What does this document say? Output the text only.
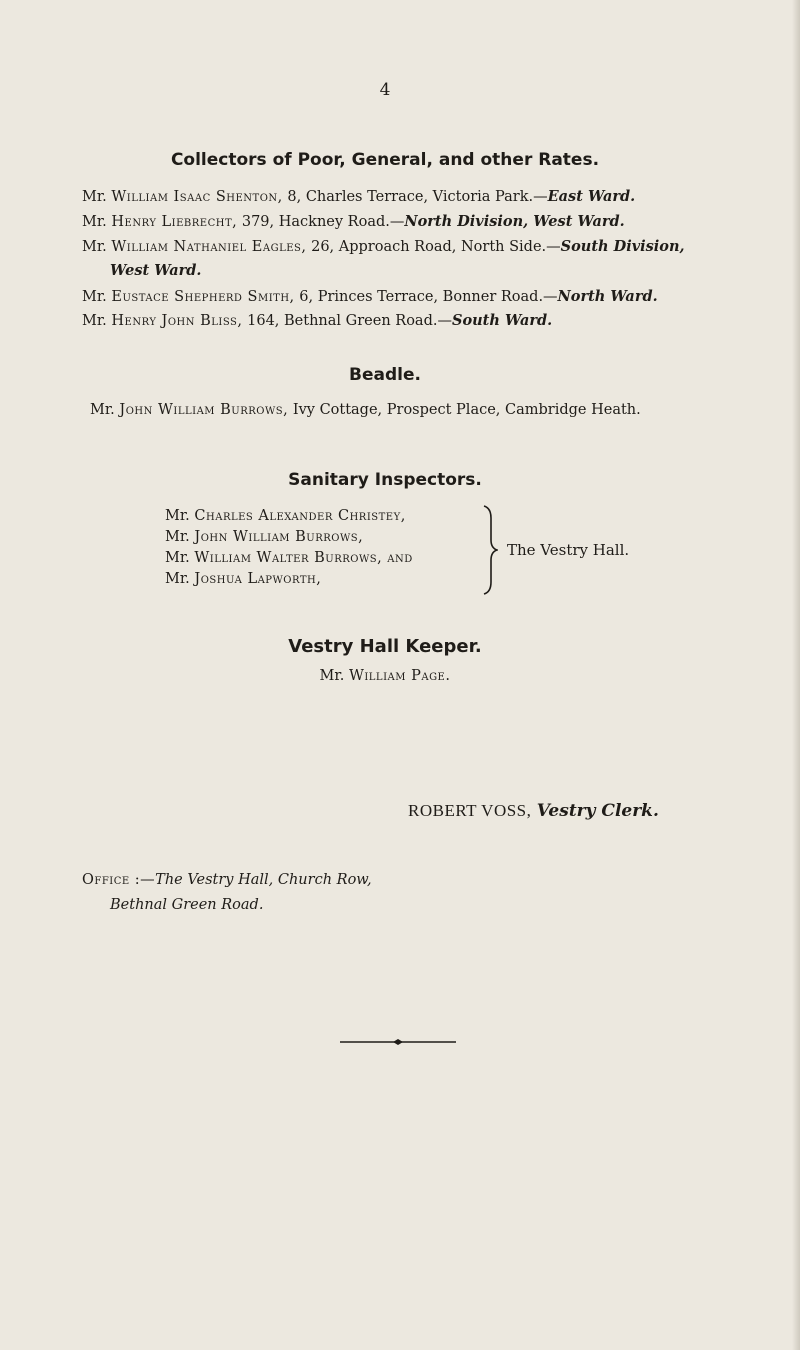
4
Collectors of Poor, General, and other Rates.
Mr. William Isaac Shenton, 8, Charles Terrace, Victoria Park.—East Ward.
Mr. Henry Liebrecht, 379, Hackney Road.—North Division, West Ward.
Mr. William Nathaniel Eagles, 26, Approach Road, North Side.—South Division,
West Ward.
Mr. Eustace Shepherd Smith, 6, Princes Terrace, Bonner Road.—North Ward.
Mr. Henry John Bliss, 164, Bethnal Green Road.—South Ward.
Beadle.
Mr. John William Burrows, Ivy Cottage, Prospect Place, Cambridge Heath.
Sanitary Inspectors.
Mr. Charles Alexander Christey,
Mr. John William Burrows,
Mr. William Walter Burrows, and
Mr. Joshua Lapworth,
The Vestry Hall.
Vestry Hall Keeper.
Mr. William Page.
ROBERT VOSS, Vestry Clerk.
Office :—The Vestry Hall, Church Row,
Bethnal Green Road.
